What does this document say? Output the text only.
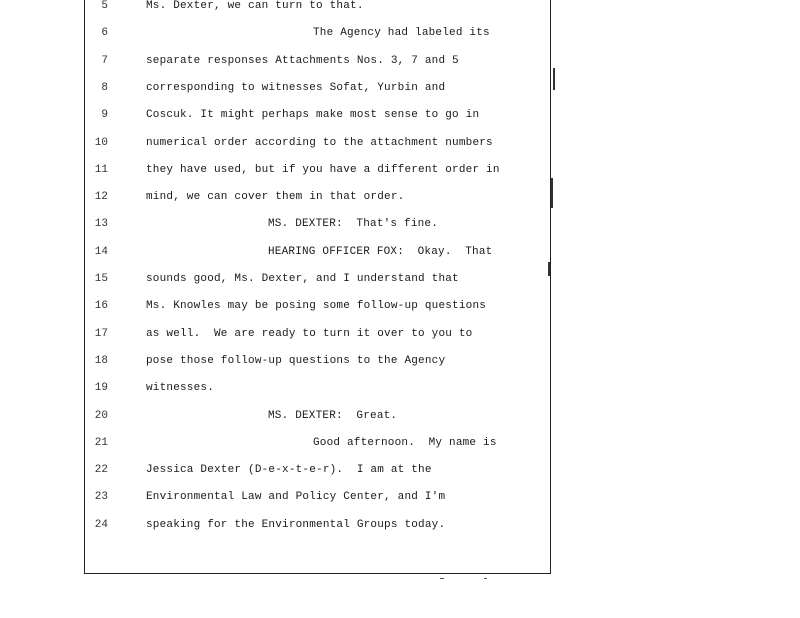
5	Ms. Dexter, we can turn to that.
6	The Agency had labeled its
7	separate responses Attachments Nos. 3, 7 and 5
8	corresponding to witnesses Sofat, Yurbin and
9	Coscuk. It might perhaps make most sense to go in
10	numerical order according to the attachment numbers
11	they have used, but if you have a different order in
12	mind, we can cover them in that order.
13	MS. DEXTER:  That's fine.
14	HEARING OFFICER FOX:  Okay.  That
15	sounds good, Ms. Dexter, and I understand that
16	Ms. Knowles may be posing some follow-up questions
17	as well.  We are ready to turn it over to you to
18	pose those follow-up questions to the Agency
19	witnesses.
20	MS. DEXTER:  Great.
21	Good afternoon.  My name is
22	Jessica Dexter (D-e-x-t-e-r).  I am at the
23	Environmental Law and Policy Center, and I'm
24	speaking for the Environmental Groups today.
